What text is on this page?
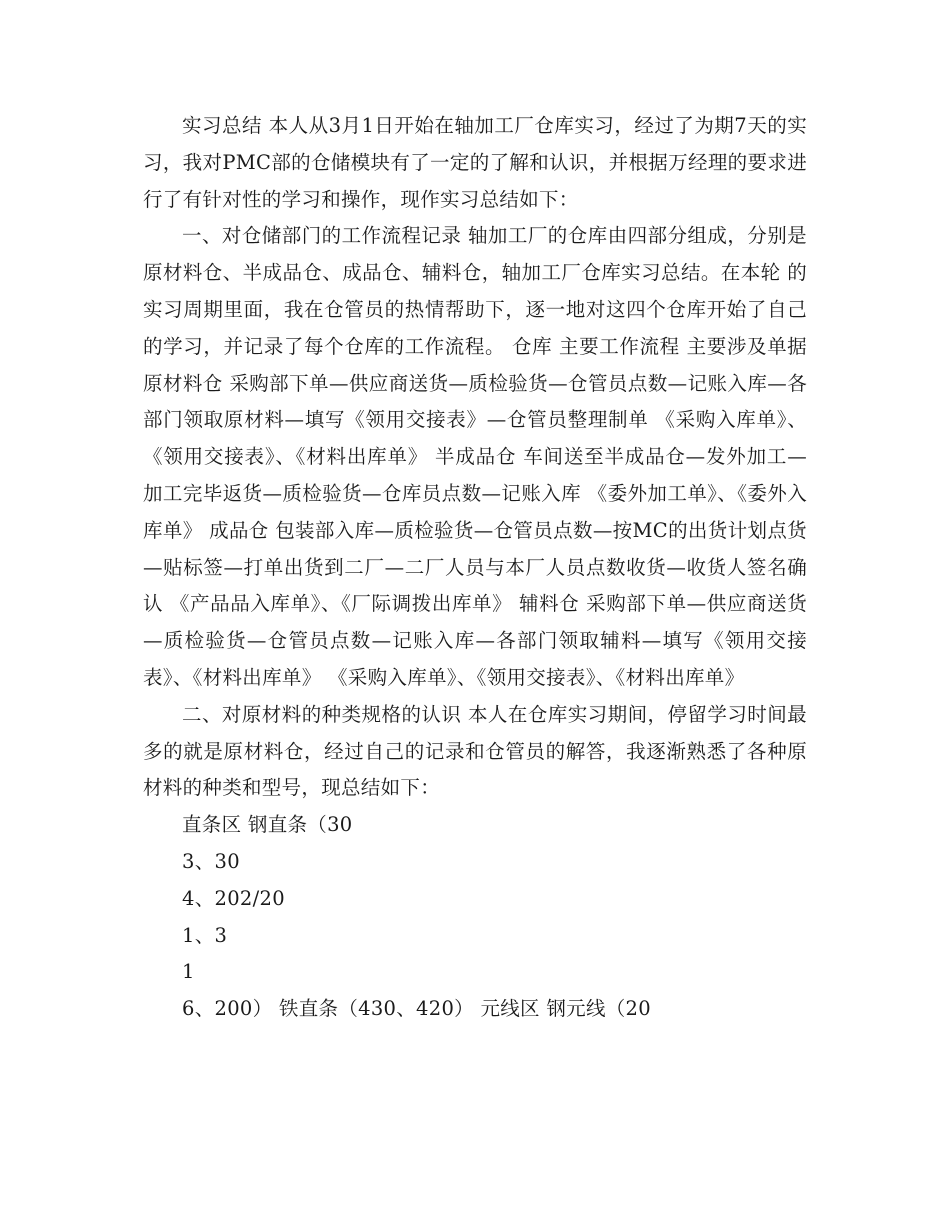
实习总结 本人从3月1日开始在轴加工厂仓库实习，经过了为期7天的实习，我对PMC部的仓储模块有了一定的了解和认识，并根据万经理的要求进行了有针对性的学习和操作，现作实习总结如下：

一、对仓储部门的工作流程记录 轴加工厂的仓库由四部分组成，分别是原材料仓、半成品仓、成品仓、辅料仓，轴加工厂仓库实习总结。在本轮 的实习周期里面，我在仓管员的热情帮助下，逐一地对这四个仓库开始了自己的学习，并记录了每个仓库的工作流程。 仓库 主要工作流程 主要涉及单据 原材料仓 采购部下单—供应商送货—质检验货—仓管员点数—记账入库—各部门领取原材料—填写《领用交接表》—仓管员整理制单 《采购入库单》、《领用交接表》、《材料出库单》 半成品仓 车间送至半成品仓—发外加工—加工完毕返货—质检验货—仓库员点数—记账入库 《委外加工单》、《委外入库单》 成品仓 包装部入库—质检验货—仓管员点数—按MC的出货计划点货—贴标签—打单出货到二厂—二厂人员与本厂人员点数收货—收货人签名确认 《产品品入库单》、《厂际调拨出库单》 辅料仓 采购部下单—供应商送货—质检验货—仓管员点数—记账入库—各部门领取辅料—填写《领用交接表》、《材料出库单》 《采购入库单》、《领用交接表》、《材料出库单》

二、对原材料的种类规格的认识 本人在仓库实习期间，停留学习时间最多的就是原材料仓，经过自己的记录和仓管员的解答，我逐渐熟悉了各种原材料的种类和型号，现总结如下：

直条区 钢直条（30

3、30

4、202/20

1、3

1

6、200） 铁直条（430、420） 元线区 钢元线（20
